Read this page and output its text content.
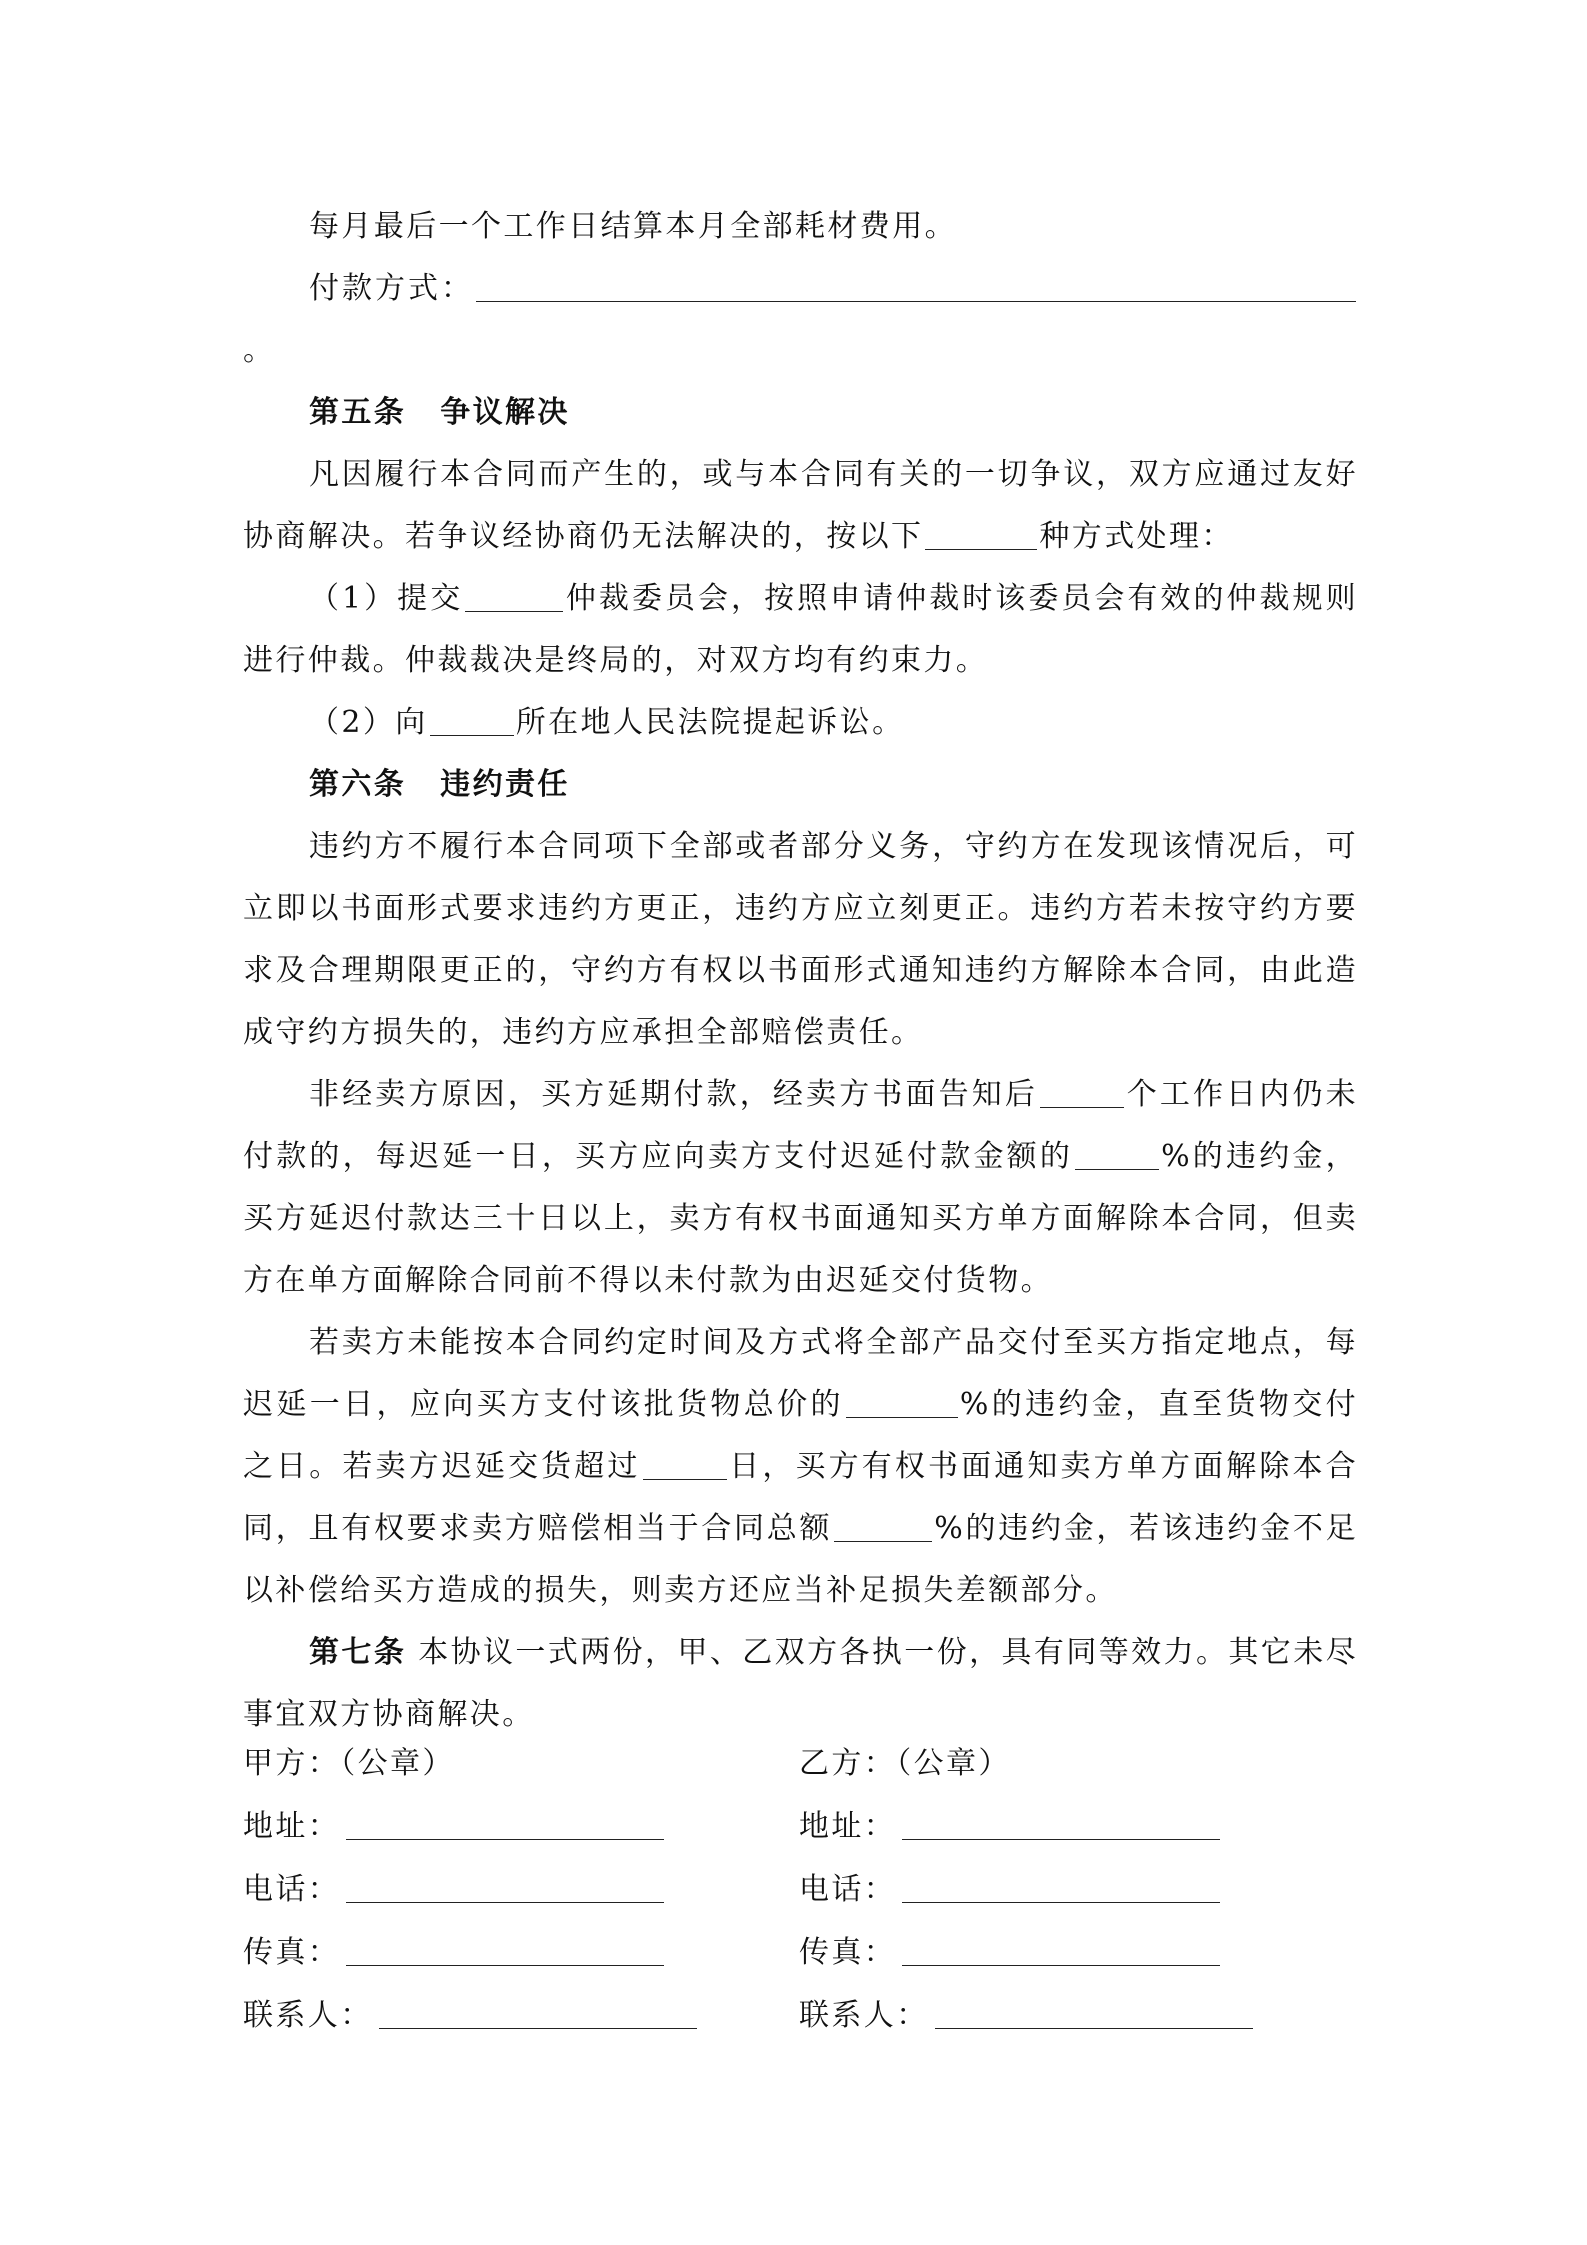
每月最后一个工作日结算本月全部耗材费用。

付款方式：。

第五条 争议解决

凡因履行本合同而产生的，或与本合同有关的一切争议，双方应通过友好协商解决。若争议经协商仍无法解决的，按以下	种方式处理：

（1）提交	仲裁委员会，按照申请仲裁时该委员会有效的仲裁规则进行仲裁。仲裁裁决是终局的，对双方均有约束力。

（2）向	所在地人民法院提起诉讼。

第六条 违约责任

违约方不履行本合同项下全部或者部分义务，守约方在发现该情况后，可立即以书面形式要求违约方更正，违约方应立刻更正。违约方若未按守约方要求及合理期限更正的，守约方有权以书面形式通知违约方解除本合同，由此造成守约方损失的，违约方应承担全部赔偿责任。

非经卖方原因，买方延期付款，经卖方书面告知后	个工作日内仍未付款的，每迟延一日，买方应向卖方支付迟延付款金额的	%的违约金，买方延迟付款达三十日以上，卖方有权书面通知买方单方面解除本合同，但卖方在单方面解除合同前不得以未付款为由迟延交付货物。

若卖方未能按本合同约定时间及方式将全部产品交付至买方指定地点，每迟延一日，应向买方支付该批货物总价的	%的违约金，直至货物交付之日。若卖方迟延交货超过	日，买方有权书面通知卖方单方面解除本合同，且有权要求卖方赔偿相当于合同总额	%的违约金，若该违约金不足以补偿给买方造成的损失，则卖方还应当补足损失差额部分。

第七条 本协议一式两份，甲、乙双方各执一份，具有同等效力。其它未尽事宜双方协商解决。

甲方：（公章）	乙方：（公章）
地址：	地址：
电话：	电话：
传真：	传真：
联系人：	联系人：
